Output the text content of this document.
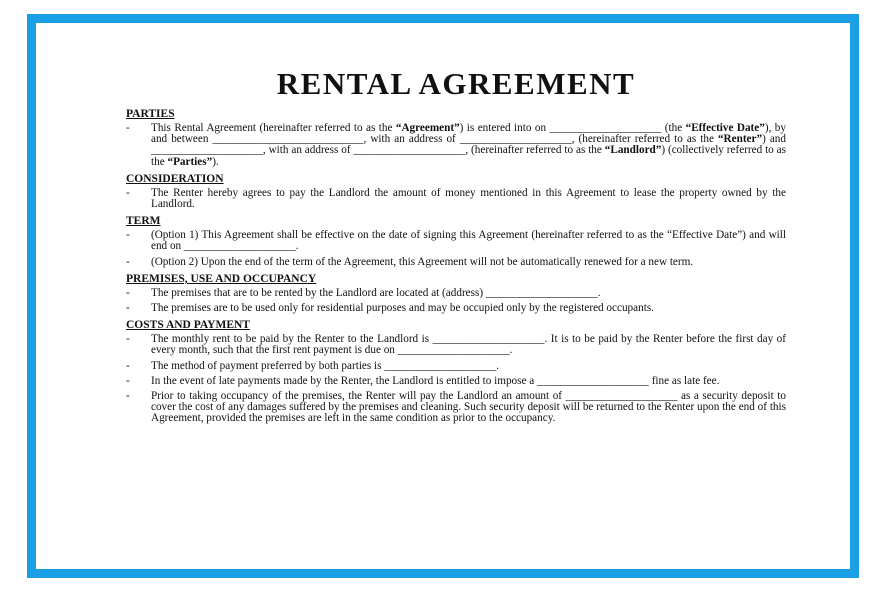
RENTAL AGREEMENT
PARTIES
- This Rental Agreement (hereinafter referred to as the “Agreement”) is entered into on ____________________ (the “Effective Date”), by and between ___________________________, with an address of ____________________, (hereinafter referred to as the “Renter”) and ____________________, with an address of ____________________, (hereinafter referred to as the “Landlord”) (collectively referred to as the “Parties”).
CONSIDERATION
- The Renter hereby agrees to pay the Landlord the amount of money mentioned in this Agreement to lease the property owned by the Landlord.
TERM
- (Option 1) This Agreement shall be effective on the date of signing this Agreement (hereinafter referred to as the “Effective Date”) and will end on ____________________.
- (Option 2) Upon the end of the term of the Agreement, this Agreement will not be automatically renewed for a new term.
PREMISES, USE AND OCCUPANCY
- The premises that are to be rented by the Landlord are located at (address) ____________________.
- The premises are to be used only for residential purposes and may be occupied only by the registered occupants.
COSTS AND PAYMENT
- The monthly rent to be paid by the Renter to the Landlord is ____________________. It is to be paid by the Renter before the first day of every month, such that the first rent payment is due on ____________________.
- The method of payment preferred by both parties is ____________________.
- In the event of late payments made by the Renter, the Landlord is entitled to impose a ____________________ fine as late fee.
- Prior to taking occupancy of the premises, the Renter will pay the Landlord an amount of ____________________ as a security deposit to cover the cost of any damages suffered by the premises and cleaning. Such security deposit will be returned to the Renter upon the end of this Agreement, provided the premises are left in the same condition as prior to the occupancy.
